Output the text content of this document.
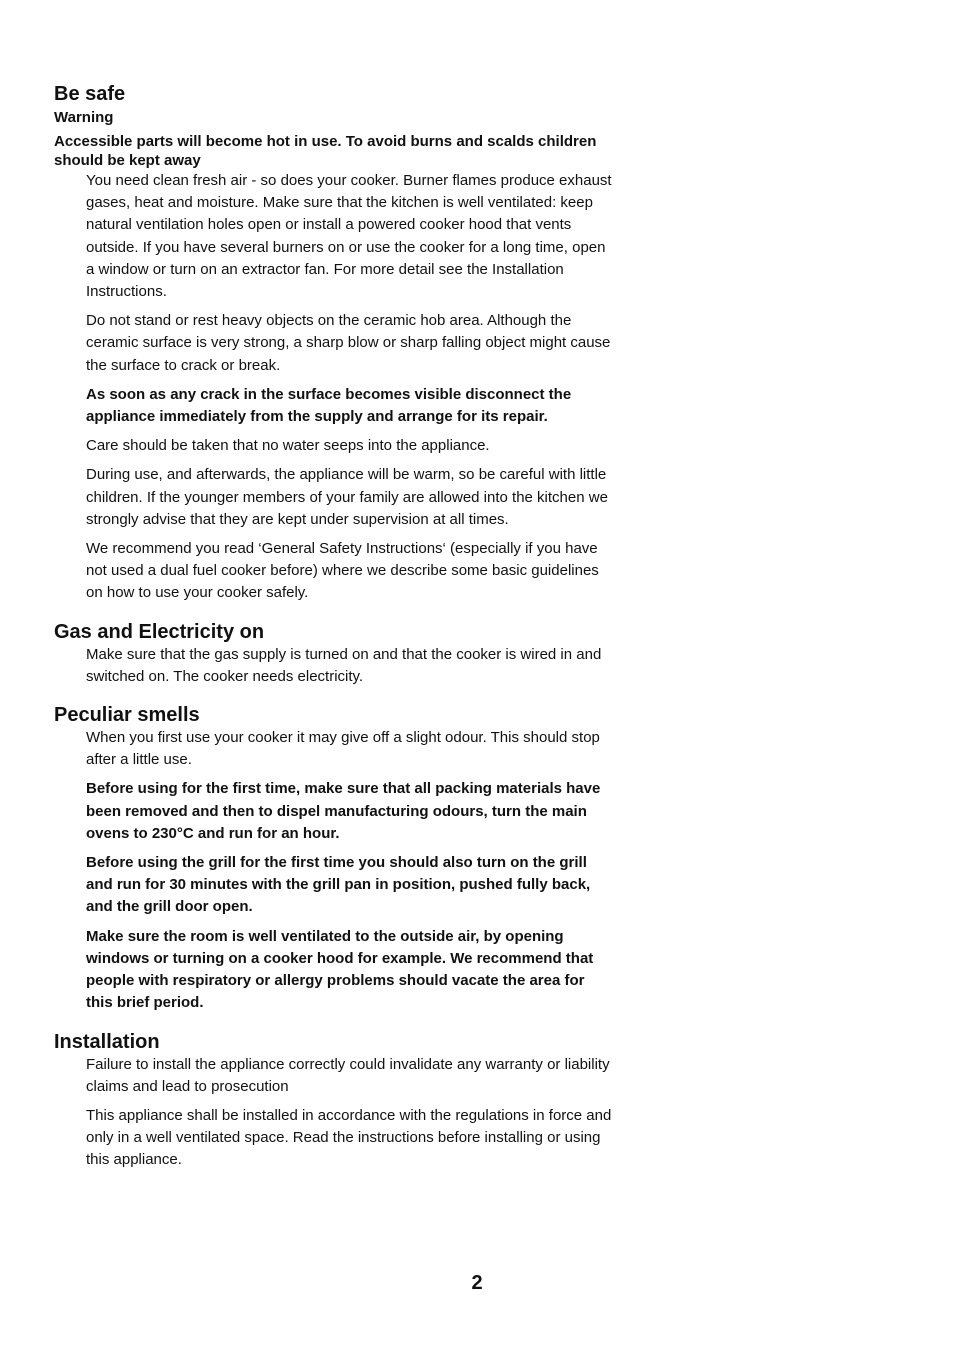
Be safe
Warning
Accessible parts will become hot in use. To avoid burns and scalds children should be kept away

You need clean fresh air - so does your cooker. Burner flames produce exhaust gases, heat and moisture. Make sure that the kitchen is well ventilated: keep natural ventilation holes open or install a powered cooker hood that vents outside. If you have several burners on or use the cooker for a long time, open a window or turn on an extractor fan. For more detail see the Installation Instructions.

Do not stand or rest heavy objects on the ceramic hob area. Although the ceramic surface is very strong, a sharp blow or sharp falling object might cause the surface to crack or break.

As soon as any crack in the surface becomes visible disconnect the appliance immediately from the supply and arrange for its repair.

Care should be taken that no water seeps into the appliance.

During use, and afterwards, the appliance will be warm, so be careful with little children. If the younger members of your family are allowed into the kitchen we strongly advise that they are kept under supervision at all times.

We recommend you read ‘General Safety Instructions‘ (especially if you have not used a dual fuel cooker before) where we describe some basic guidelines on how to use your cooker safely.

Gas and Electricity on

Make sure that the gas supply is turned on and that the cooker is wired in and switched on. The cooker needs electricity.

Peculiar smells

When you first use your cooker it may give off a slight odour. This should stop after a little use.

Before using for the first time, make sure that all packing materials have been removed and then to dispel manufacturing odours, turn the main ovens to 230°C and run for an hour.

Before using the grill for the first time you should also turn on the grill and run for 30 minutes with the grill pan in position, pushed fully back, and the grill door open.

Make sure the room is well ventilated to the outside air, by opening windows or turning on a cooker hood for example. We recommend that people with respiratory or allergy problems should vacate the area for this brief period.

Installation

Failure to install the appliance correctly could invalidate any warranty or liability claims and lead to prosecution

This appliance shall be installed in accordance with the regulations in force and only in a well ventilated space. Read the instructions before installing or using this appliance.

2
